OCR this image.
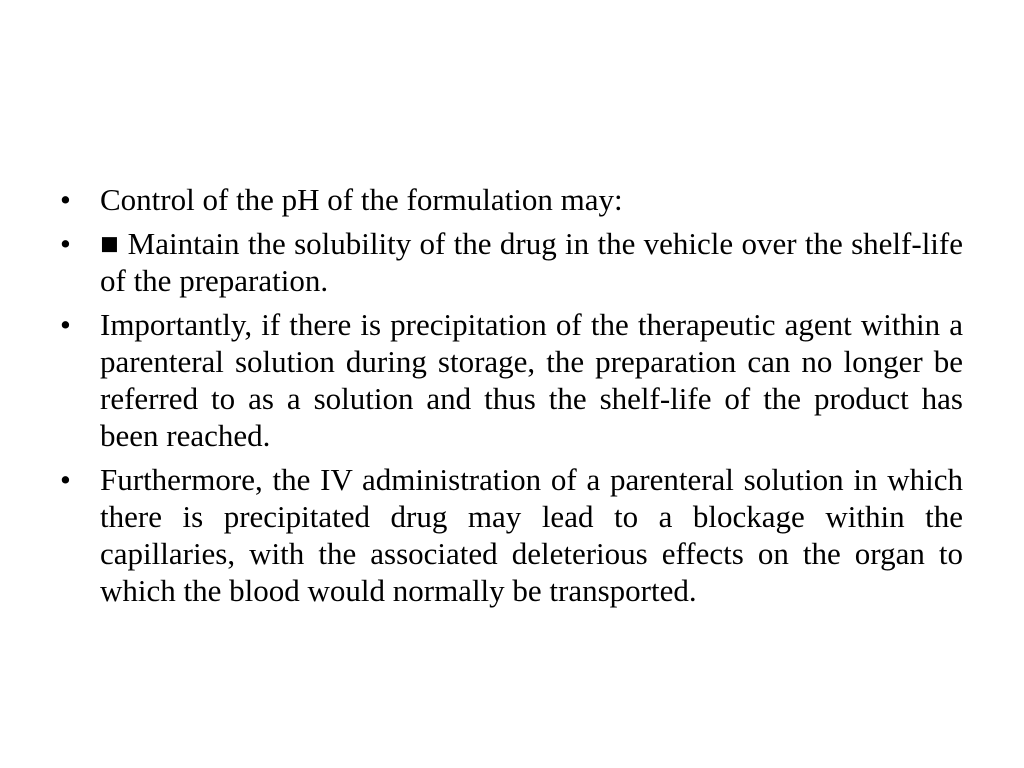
• Control of the pH of the formulation may:
• ■ Maintain the solubility of the drug in the vehicle over the shelf-life of the preparation.
• Importantly, if there is precipitation of the therapeutic agent within a parenteral solution during storage, the preparation can no longer be referred to as a solution and thus the shelf-life of the product has been reached.
• Furthermore, the IV administration of a parenteral solution in which there is precipitated drug may lead to a blockage within the capillaries, with the associated deleterious effects on the organ to which the blood would normally be transported.
